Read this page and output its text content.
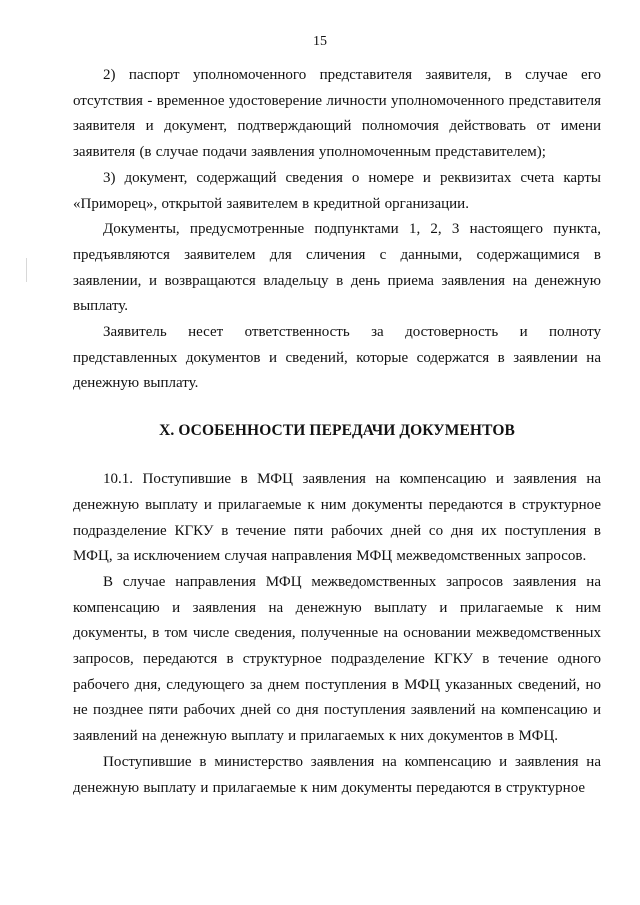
15

2) паспорт уполномоченного представителя заявителя, в случае его отсутствия - временное удостоверение личности уполномоченного представителя заявителя и документ, подтверждающий полномочия действовать от имени заявителя (в случае подачи заявления уполномоченным представителем);

3) документ, содержащий сведения о номере и реквизитах счета карты «Приморец», открытой заявителем в кредитной организации.

Документы, предусмотренные подпунктами 1, 2, 3 настоящего пункта, предъявляются заявителем для сличения с данными, содержащимися в заявлении, и возвращаются владельцу в день приема заявления на денежную выплату.

Заявитель несет ответственность за достоверность и полноту представленных документов и сведений, которые содержатся в заявлении на денежную выплату.

X. ОСОБЕННОСТИ ПЕРЕДАЧИ ДОКУМЕНТОВ

10.1. Поступившие в МФЦ заявления на компенсацию и заявления на денежную выплату и прилагаемые к ним документы передаются в структурное подразделение КГКУ в течение пяти рабочих дней со дня их поступления в МФЦ, за исключением случая направления МФЦ межведомственных запросов.

В случае направления МФЦ межведомственных запросов заявления на компенсацию и заявления на денежную выплату и прилагаемые к ним документы, в том числе сведения, полученные на основании межведомственных запросов, передаются в структурное подразделение КГКУ в течение одного рабочего дня, следующего за днем поступления в МФЦ указанных сведений, но не позднее пяти рабочих дней со дня поступления заявлений на компенсацию и заявлений на денежную выплату и прилагаемых к них документов в МФЦ.

Поступившие в министерство заявления на компенсацию и заявления на денежную выплату и прилагаемые к ним документы передаются в структурное
